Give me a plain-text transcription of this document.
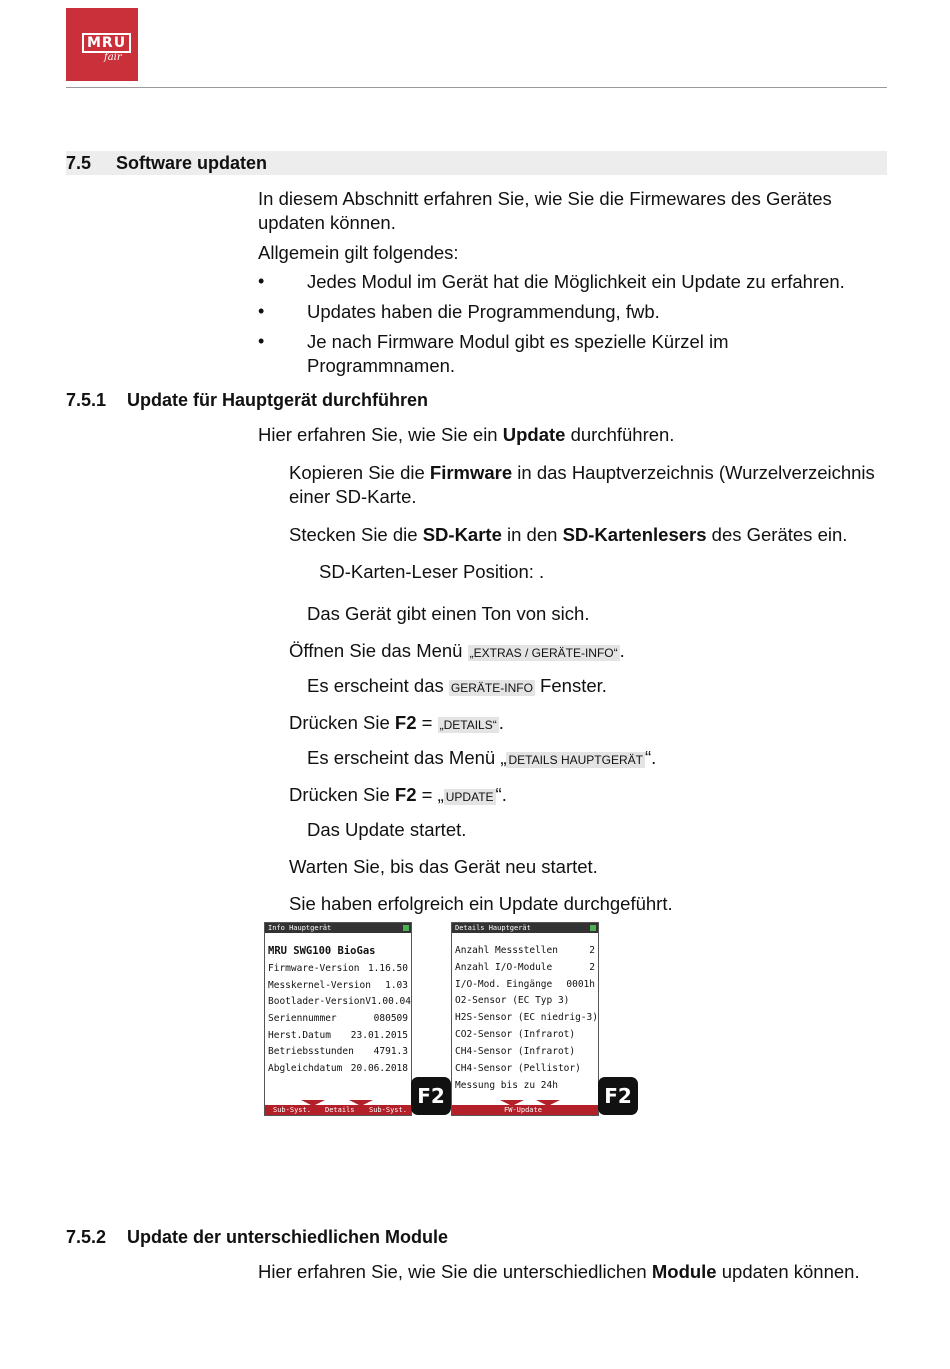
MRU
fair
7.5 Software updaten
In diesem Abschnitt erfahren Sie, wie Sie die Firmewares des Gerätes
updaten können.
Allgemein gilt folgendes:
• Jedes Modul im Gerät hat die Möglichkeit ein Update zu erfahren.
• Updates haben die Programmendung, fwb.
• Je nach Firmware Modul gibt es spezielle Kürzel im
Programmnamen.
7.5.1 Update für Hauptgerät durchführen
Hier erfahren Sie, wie Sie ein Update durchführen.
Kopieren Sie die Firmware in das Hauptverzeichnis (Wurzelverzeichnis
einer SD-Karte.
Stecken Sie die SD-Karte in den SD-Kartenlesers des Gerätes ein.
SD-Karten-Leser Position: .
Das Gerät gibt einen Ton von sich.
Öffnen Sie das Menü „EXTRAS / GERÄTE-INFO“ .
Es erscheint das GERÄTE-INFO Fenster.
Drücken Sie F2 = „DETAILS“ .
Es erscheint das Menü „ DETAILS HAUPTGERÄT “.
Drücken Sie F2 = „ UPDATE “.
Das Update startet.
Warten Sie, bis das Gerät neu startet.
Sie haben erfolgreich ein Update durchgeführt.
Info Hauptgerät
MRU SWG100 BioGas
Firmware-Version 1.16.50
Messkernel-Version 1.03
Bootlader-Version V1.00.04
Seriennummer	080509
Herst.Datum 23.01.2015
Betriebsstunden 4791.3
Abgleichdatum 20.06.2018
Sub-Syst. Details Sub-Syst.
F2
Details Hauptgerät
Anzahl Messstellen	2
Anzahl I/O-Module	2
I/O-Mod. Eingänge 0001h
O2-Sensor (EC Typ 3)
H2S-Sensor (EC niedrig-3)
CO2-Sensor (Infrarot)
CH4-Sensor (Infrarot)
CH4-Sensor (Pellistor)
Messung bis zu 24h
FW-Update
F2
7.5.2 Update der unterschiedlichen Module
Hier erfahren Sie, wie Sie die unterschiedlichen Module updaten können.
